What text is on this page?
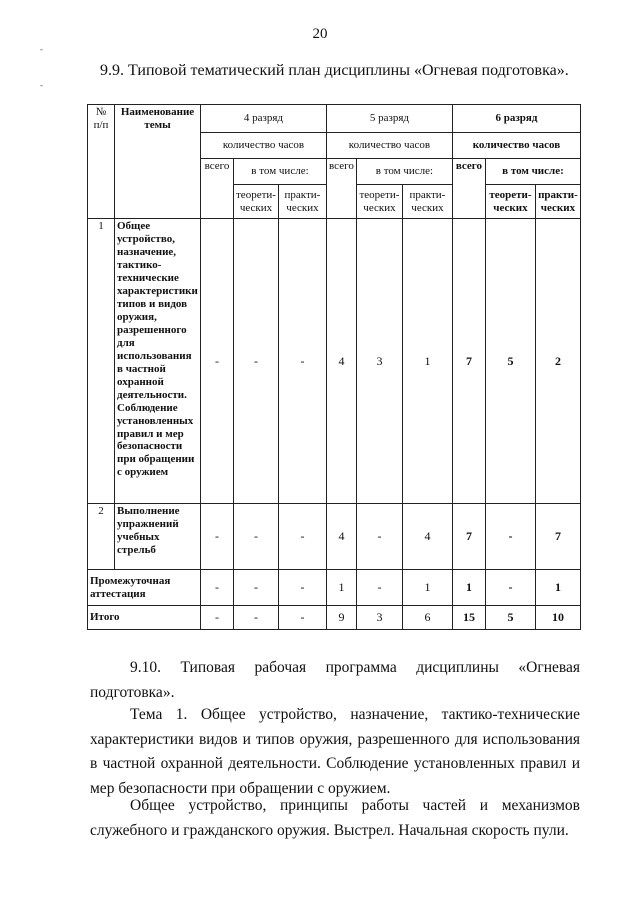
20
-
-
9.9. Типовой тематический план дисциплины «Огневая подготовка».
№ п/п	Наименование темы	4 разряд			5 разряд			6 разряд		
		количество часов			количество часов			количество часов		
		всего	в том числе:		всего	в том числе:		всего	в том числе:	
			теорети-ческих	практи-ческих		теорети-ческих	практи-ческих		теорети-ческих	практи-ческих
1	Общее устройство, назначение, тактико-технические характеристики типов и видов оружия, разрешенного для использования в частной охранной деятельности. Соблюдение установленных правил и мер безопасности при обращении с оружием	-	-	-	4	3	1	7	5	2
2	Выполнение упражнений учебных стрельб	-	-	-	4	-	4	7	-	7
Промежуточная аттестация		-	-	-	1	-	1	1	-	1
Итого		-	-	-	9	3	6	15	5	10
9.10. Типовая рабочая программа дисциплины «Огневая
подготовка».
Тема 1. Общее устройство, назначение, тактико-технические характеристики видов и типов оружия, разрешенного для использования в частной охранной деятельности. Соблюдение установленных правил и мер безопасности при обращении с оружием.
Общее устройство, принципы работы частей и механизмов служебного и гражданского оружия. Выстрел. Начальная скорость пули.
